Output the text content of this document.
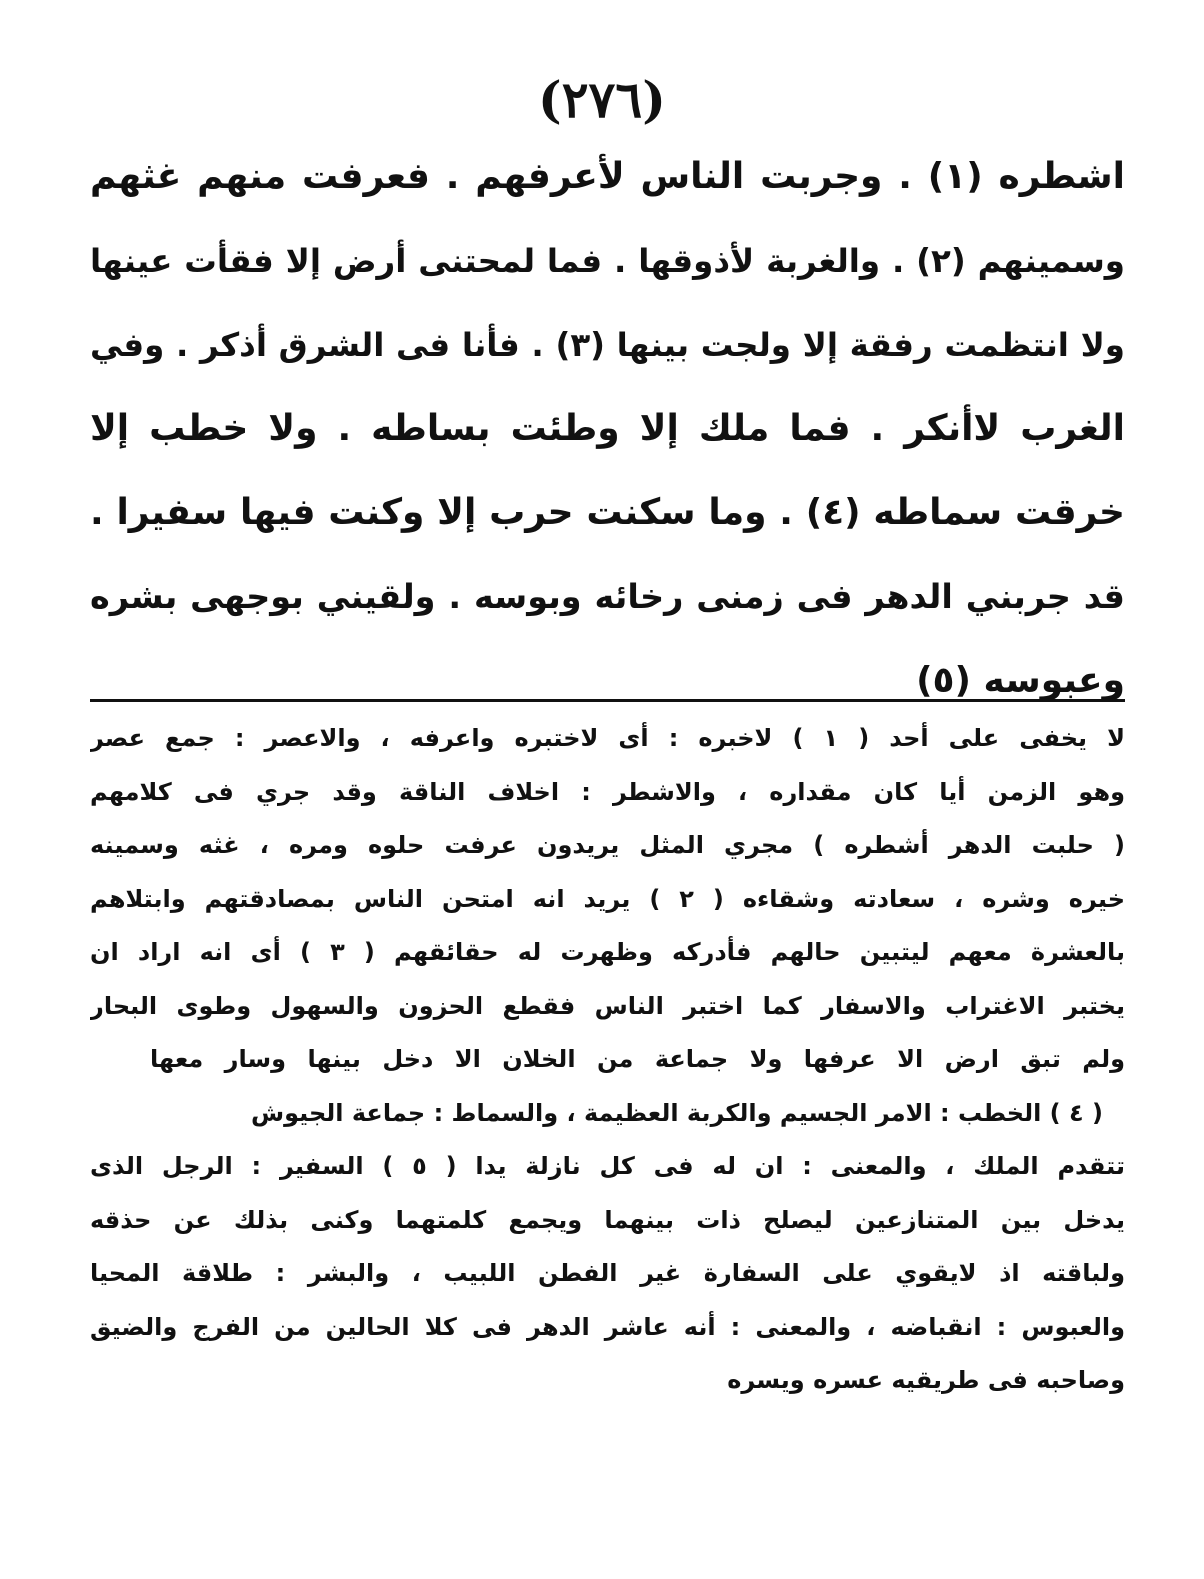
(٢٧٦)
اشطره (١) . وجربت الناس لأعرفهم . فعرفت منهم غثهم
وسمينهم (٢) . والغربة لأذوقها . فما لمحتنى أرض إلا فقأت عينها
ولا انتظمت رفقة إلا ولجت بينها (٣) . فأنا فى الشرق أذكر . وفي
الغرب لاأنكر . فما ملك إلا وطئت بساطه . ولا خطب إلا
خرقت سماطه (٤) . وما سكنت حرب إلا وكنت فيها سفيرا .
قد جربني الدهر فى زمنى رخائه وبوسه . ولقيني بوجهى بشره
وعبوسه (٥)
لا يخفى على أحد ( ١ ) لاخبره : أى لاختبره واعرفه ، والاعصر : جمع عصر
وهو الزمن أيا كان مقداره ، والاشطر : اخلاف الناقة وقد جري فى كلامهم
( حلبت الدهر أشطره ) مجري المثل يريدون عرفت حلوه ومره ، غثه وسمينه
خيره وشره ، سعادته وشقاءه ( ٢ ) يريد انه امتحن الناس بمصادقتهم وابتلاهم
بالعشرة معهم ليتبين حالهم فأدركه وظهرت له حقائقهم ( ٣ ) أى انه اراد ان
يختبر الاغتراب والاسفار كما اختبر الناس فقطع الحزون والسهول وطوى البحار
ولم تبق ارض الا عرفها ولا جماعة من الخلان الا دخل بينها وسار معها
( ٤ ) الخطب : الامر الجسيم والكربة العظيمة ، والسماط : جماعة الجيوش
تتقدم الملك ، والمعنى : ان له فى كل نازلة يدا ( ٥ ) السفير : الرجل الذى
يدخل بين المتنازعين ليصلح ذات بينهما ويجمع كلمتهما وكنى بذلك عن حذقه
ولباقته اذ لايقوي على السفارة غير الفطن اللبيب ، والبشر : طلاقة المحيا
والعبوس : انقباضه ، والمعنى : أنه عاشر الدهر فى كلا الحالين من الفرج والضيق
وصاحبه فى طريقيه عسره ويسره
